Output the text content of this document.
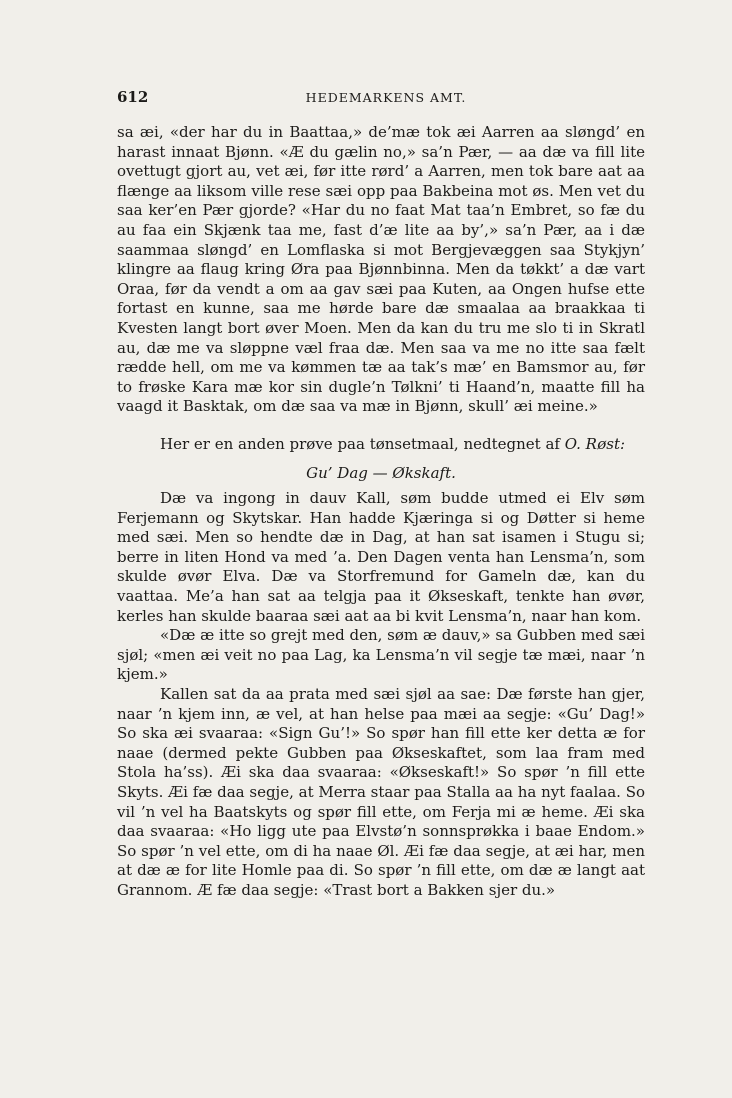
612	HEDEMARKENS AMT.

sa æi, «der har du in Baattaa,» de’mæ tok æi Aarren aa sløngd’ en harast innaat Bjønn. «Æ du gælin no,» sa’n Pær, — aa dæ va fill lite ovettugt gjort au, vet æi, før itte rørd’ a Aarren, men tok bare aat aa flænge aa liksom ville rese sæi opp paa Bakbeina mot øs. Men vet du saa ker’en Pær gjorde? «Har du no faat Mat taa’n Embret, so fæ du au faa ein Skjænk taa me, fast d’æ lite aa by’,» sa’n Pær, aa i dæ saammaa sløngd’ en Lomflaska si mot Bergjevæggen saa Stykjyn’ klingre aa flaug kring Øra paa Bjønnbinna. Men da tøkkt’ a dæ vart Oraa, før da vendt a om aa gav sæi paa Kuten, aa Ongen hufse ette fortast en kunne, saa me hørde bare dæ smaalaa aa braakkaa ti Kvesten langt bort øver Moen. Men da kan du tru me slo ti in Skratl au, dæ me va sløppne væl fraa dæ. Men saa va me no itte saa fælt rædde hell, om me va kømmen tæ aa tak’s mæ’ en Bamsmor au, før to frøske Kara mæ kor sin dugle’n Tølkni’ ti Haand’n, maatte fill ha vaagd it Basktak, om dæ saa va mæ in Bjønn, skull’ æi meine.»

Her er en anden prøve paa tønsetmaal, nedtegnet af O. Røst:

Gu’ Dag — Økskaft.

Dæ va ingong in dauv Kall, søm budde utmed ei Elv søm Ferjemann og Skytskar. Han hadde Kjæringa si og Døtter si heme med sæi. Men so hendte dæ in Dag, at han sat isamen i Stugu si; berre in liten Hond va med ’a. Den Dagen venta han Lensma’n, som skulde øvør Elva. Dæ va Storfremund for Gameln dæ, kan du vaattaa. Me’a han sat aa telgja paa it Økseskaft, tenkte han øvør, kerles han skulde baaraa sæi aat aa bi kvit Lensma’n, naar han kom.

«Dæ æ itte so grejt med den, søm æ dauv,» sa Gubben med sæi sjøl; «men æi veit no paa Lag, ka Lensma’n vil segje tæ mæi, naar ’n kjem.»

Kallen sat da aa prata med sæi sjøl aa sae: Dæ første han gjer, naar ’n kjem inn, æ vel, at han helse paa mæi aa segje: «Gu’ Dag!» So ska æi svaaraa: «Sign Gu’!» So spør han fill ette ker detta æ for naae (dermed pekte Gubben paa Økseskaftet, som laa fram med Stola ha’ss). Æi ska daa svaaraa: «Økseskaft!» So spør ’n fill ette Skyts. Æi fæ daa segje, at Merra staar paa Stalla aa ha nyt faalaa. So vil ’n vel ha Baatskyts og spør fill ette, om Ferja mi æ heme. Æi ska daa svaaraa: «Ho ligg ute paa Elvstø’n sonnsprøkka i baae Endom.» So spør ’n vel ette, om di ha naae Øl. Æi fæ daa segje, at æi har, men at dæ æ for lite Homle paa di. So spør ’n fill ette, om dæ æ langt aat Grannom. Æ fæ daa segje: «Trast bort a Bakken sjer du.»
